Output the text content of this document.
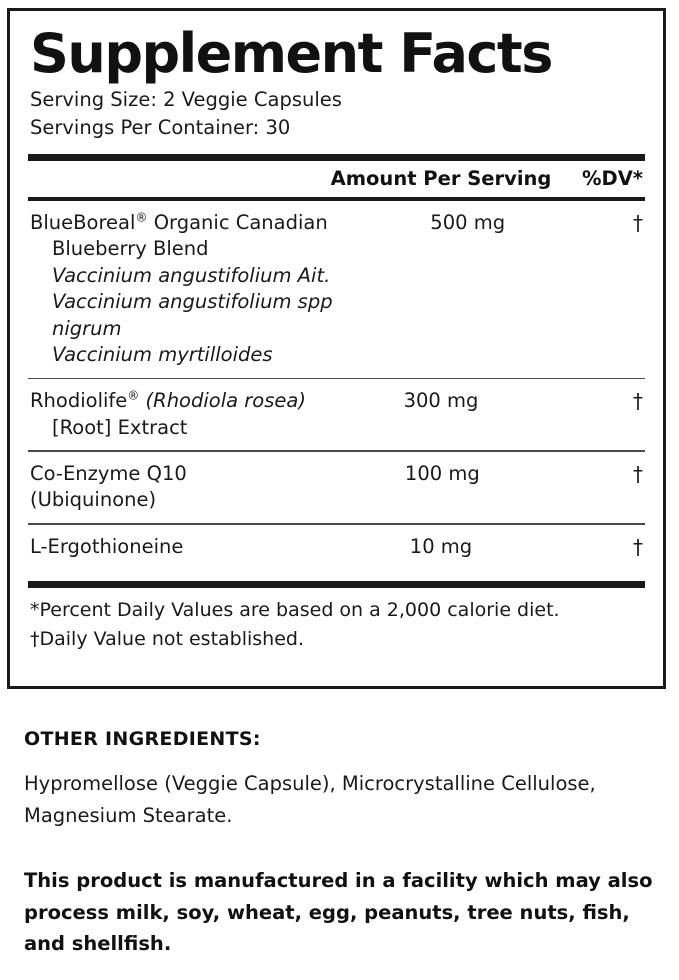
Supplement Facts
Serving Size: 2 Veggie Capsules
Servings Per Container: 30
Amount Per Serving	%DV*
BlueBoreal® Organic Canadian
Blueberry Blend
Vaccinium angustifolium Ait.
Vaccinium angustifolium spp nigrum
Vaccinium myrtilloides
500 mg	†
Rhodiolife® (Rhodiola rosea)
[Root] Extract
300 mg	†
Co-Enzyme Q10 (Ubiquinone)
100 mg	†
L-Ergothioneine	10 mg	†
*Percent Daily Values are based on a 2,000 calorie diet.
†Daily Value not established.
OTHER INGREDIENTS:
Hypromellose (Veggie Capsule), Microcrystalline Cellulose, Magnesium Stearate.
This product is manufactured in a facility which may also process milk, soy, wheat, egg, peanuts, tree nuts, fish, and shellfish.
